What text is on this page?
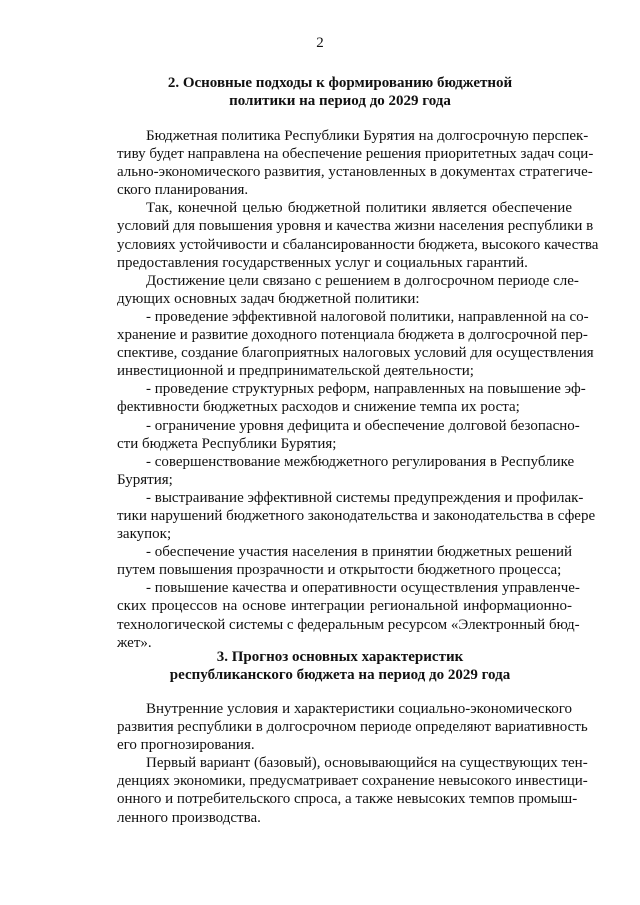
2
2. Основные подходы к формированию бюджетной
политики на период до 2029 года
Бюджетная политика Республики Бурятия на долгосрочную перспек-
тиву будет направлена на обеспечение решения приоритетных задач соци-
ально-экономического развития, установленных в документах стратегиче-
ского планирования.
Так, конечной целью бюджетной политики является обеспечение
условий для повышения уровня и качества жизни населения республики в
условиях устойчивости и сбалансированности бюджета, высокого качества
предоставления государственных услуг и социальных гарантий.
Достижение цели связано с решением в долгосрочном периоде сле-
дующих основных задач бюджетной политики:
- проведение эффективной налоговой политики, направленной на со-
хранение и развитие доходного потенциала бюджета в долгосрочной пер-
спективе, создание благоприятных налоговых условий для осуществления
инвестиционной и предпринимательской деятельности;
- проведение структурных реформ, направленных на повышение эф-
фективности бюджетных расходов и снижение темпа их роста;
- ограничение уровня дефицита и обеспечение долговой безопасно-
сти бюджета Республики Бурятия;
- совершенствование межбюджетного регулирования в Республике
Бурятия;
- выстраивание эффективной системы предупреждения и профилак-
тики нарушений бюджетного законодательства и законодательства в сфере
закупок;
- обеспечение участия населения в принятии бюджетных решений
путем повышения прозрачности и открытости бюджетного процесса;
- повышение качества и оперативности осуществления управленче-
ских процессов на основе интеграции региональной информационно-
технологической системы с федеральным ресурсом «Электронный бюд-
жет».
3. Прогноз основных характеристик
республиканского бюджета на период до 2029 года
Внутренние условия и характеристики социально-экономического
развития республики в долгосрочном периоде определяют вариативность
его прогнозирования.
Первый вариант (базовый), основывающийся на существующих тен-
денциях экономики, предусматривает сохранение невысокого инвестици-
онного и потребительского спроса, а также невысоких темпов промыш-
ленного производства.
